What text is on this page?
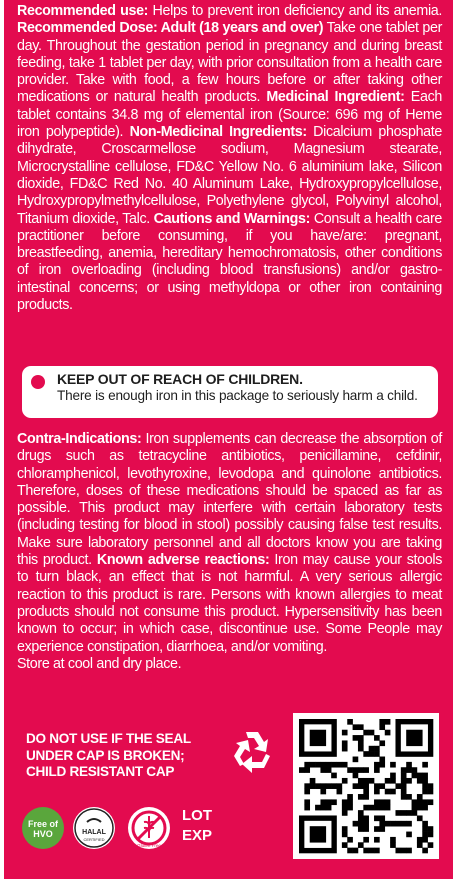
Recommended use: Helps to prevent iron deficiency and its anemia. Recommended Dose: Adult (18 years and over) Take one tablet per day. Throughout the gestation period in pregnancy and during breast feeding, take 1 tablet per day, with prior consultation from a health care provider. Take with food, a few hours before or after taking other medications or natural health products. Medicinal Ingredient: Each tablet contains 34.8 mg of elemental iron (Source: 696 mg of Heme iron polypeptide). Non-Medicinal Ingredients: Dicalcium phosphate dihydrate, Croscarmellose sodium, Magnesium stearate, Microcrystalline cellulose, FD&C Yellow No. 6 aluminium lake, Silicon dioxide, FD&C Red No. 40 Aluminum Lake, Hydroxypropylcellulose, Hydroxypropylmethylcellulose, Polyethylene glycol, Polyvinyl alcohol, Titanium dioxide, Talc. Cautions and Warnings: Consult a health care practitioner before consuming, if you have/are: pregnant, breastfeeding, anemia, hereditary hemochromatosis, other conditions of iron overloading (including blood transfusions) and/or gastro-intestinal concerns; or using methyldopa or other iron containing products.
KEEP OUT OF REACH OF CHILDREN.
There is enough iron in this package to seriously harm a child.
Contra-Indications: Iron supplements can decrease the absorption of drugs such as tetracycline antibiotics, penicillamine, cefdinir, chloramphenicol, levothyroxine, levodopa and quinolone antibiotics. Therefore, doses of these medications should be spaced as far as possible. This product may interfere with certain laboratory tests (including testing for blood in stool) possibly causing false test results. Make sure laboratory personnel and all doctors know you are taking this product. Known adverse reactions: Iron may cause your stools to turn black, an effect that is not harmful. A very serious allergic reaction to this product is rare. Persons with known allergies to meat products should not consume this product. Hypersensitivity has been known to occur; in which case, discontinue use. Some People may experience constipation, diarrhoea, and/or vomiting.
Store at cool and dry place.
DO NOT USE IF THE SEAL
UNDER CAP IS BROKEN;
CHILD RESISTANT CAP
Free of
HVO	HALAL
CERTIFIED
Gluten Free
LOT
EXP
